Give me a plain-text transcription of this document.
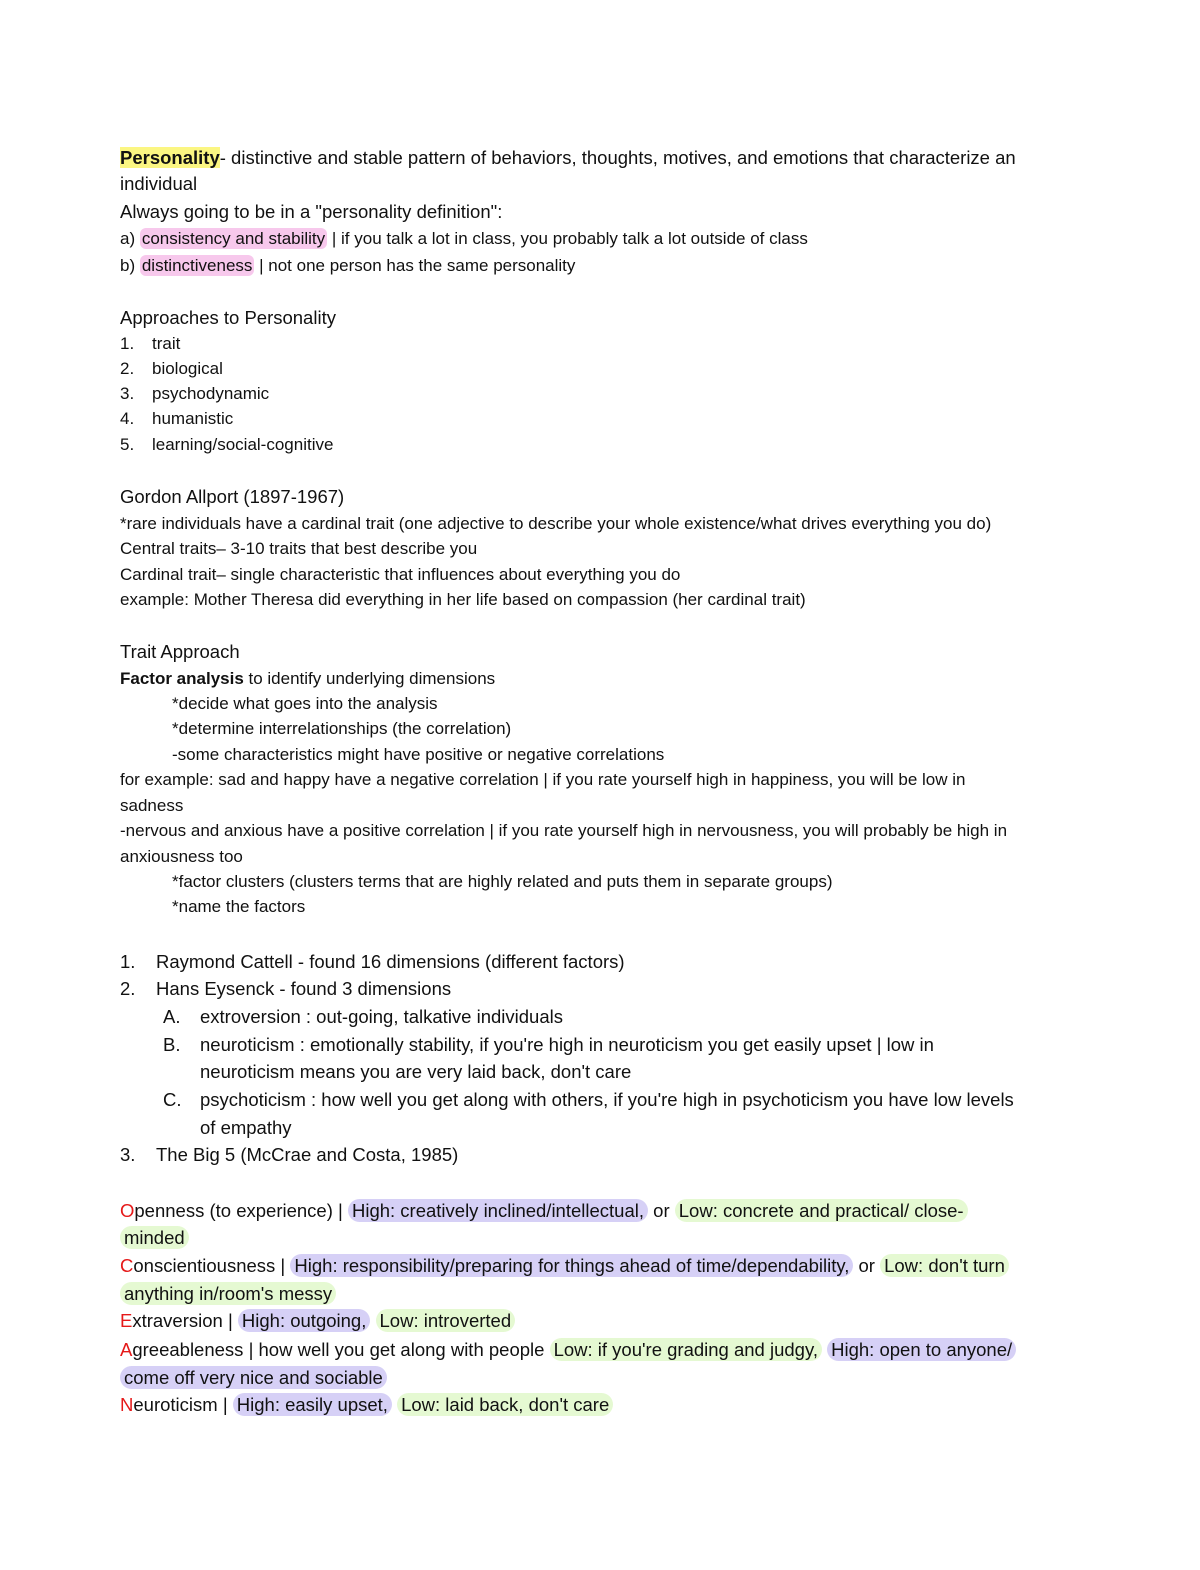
Personality- distinctive and stable pattern of behaviors, thoughts, motives, and emotions that characterize an
individual
Always going to be in a "personality definition":
a) consistency and stability | if you talk a lot in class, you probably talk a lot outside of class
b) distinctiveness | not one person has the same personality
Approaches to Personality
1. trait
2. biological
3. psychodynamic
4. humanistic
5. learning/social-cognitive
Gordon Allport (1897-1967)
*rare individuals have a cardinal trait (one adjective to describe your whole existence/what drives everything you do)
Central traits– 3-10 traits that best describe you
Cardinal trait– single characteristic that influences about everything you do
example: Mother Theresa did everything in her life based on compassion (her cardinal trait)
Trait Approach
Factor analysis to identify underlying dimensions
*decide what goes into the analysis
*determine interrelationships (the correlation)
-some characteristics might have positive or negative correlations
for example: sad and happy have a negative correlation | if you rate yourself high in happiness, you will be low in
sadness
-nervous and anxious have a positive correlation | if you rate yourself high in nervousness, you will probably be high in
anxiousness too
*factor clusters (clusters terms that are highly related and puts them in separate groups)
*name the factors
1. Raymond Cattell - found 16 dimensions (different factors)
2. Hans Eysenck - found 3 dimensions
A. extroversion : out-going, talkative individuals
B. neuroticism : emotionally stability, if you're high in neuroticism you get easily upset | low in
neuroticism means you are very laid back, don't care
C. psychoticism : how well you get along with others, if you're high in psychoticism you have low levels
of empathy
3. The Big 5 (McCrae and Costa, 1985)
Openness (to experience) | High: creatively inclined/intellectual, or Low: concrete and practical/ close-
minded
Conscientiousness | High: responsibility/preparing for things ahead of time/dependability, or Low: don't turn
anything in/room's messy
Extraversion | High: outgoing, Low: introverted
Agreeableness | how well you get along with people Low: if you're grading and judgy, High: open to anyone/
come off very nice and sociable
Neuroticism | High: easily upset, Low: laid back, don't care
